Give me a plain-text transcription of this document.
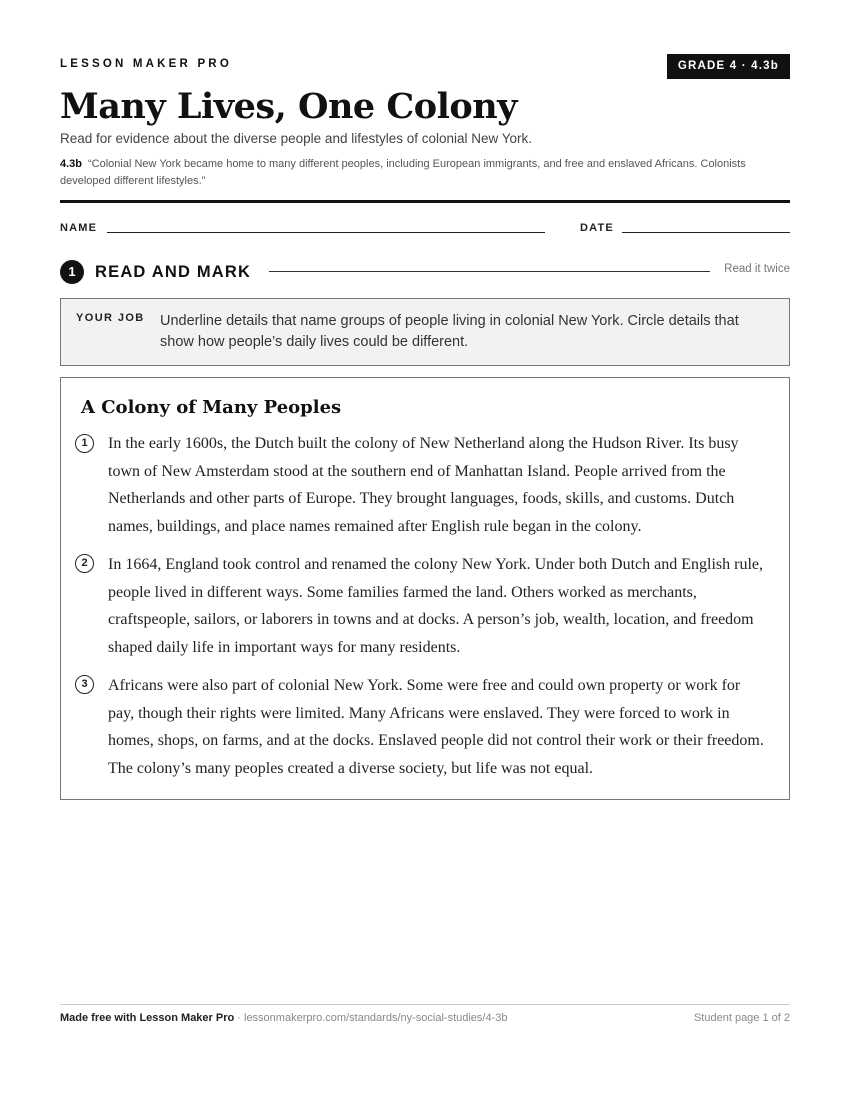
LESSON MAKER PRO	GRADE 4 · 4.3b
Many Lives, One Colony
Read for evidence about the diverse people and lifestyles of colonial New York.
4.3b “Colonial New York became home to many different peoples, including European immigrants, and free and enslaved Africans. Colonists developed different lifestyles.”
NAME	DATE
1	READ AND MARK	Read it twice
YOUR JOB Underline details that name groups of people living in colonial New York. Circle details that show how people’s daily lives could be different.
A Colony of Many Peoples
1	In the early 1600s, the Dutch built the colony of New Netherland along the Hudson River. Its busy town of New Amsterdam stood at the southern end of Manhattan Island. People arrived from the Netherlands and other parts of Europe. They brought languages, foods, skills, and customs. Dutch names, buildings, and place names remained after English rule began in the colony.
2	In 1664, England took control and renamed the colony New York. Under both Dutch and English rule, people lived in different ways. Some families farmed the land. Others worked as merchants, craftspeople, sailors, or laborers in towns and at docks. A person’s job, wealth, location, and freedom shaped daily life in important ways for many residents.
3	Africans were also part of colonial New York. Some were free and could own property or work for pay, though their rights were limited. Many Africans were enslaved. They were forced to work in homes, shops, on farms, and at the docks. Enslaved people did not control their work or their freedom. The colony’s many peoples created a diverse society, but life was not equal.
Made free with Lesson Maker Pro · lessonmakerpro.com/standards/ny-social-studies/4-3b	Student page 1 of 2
